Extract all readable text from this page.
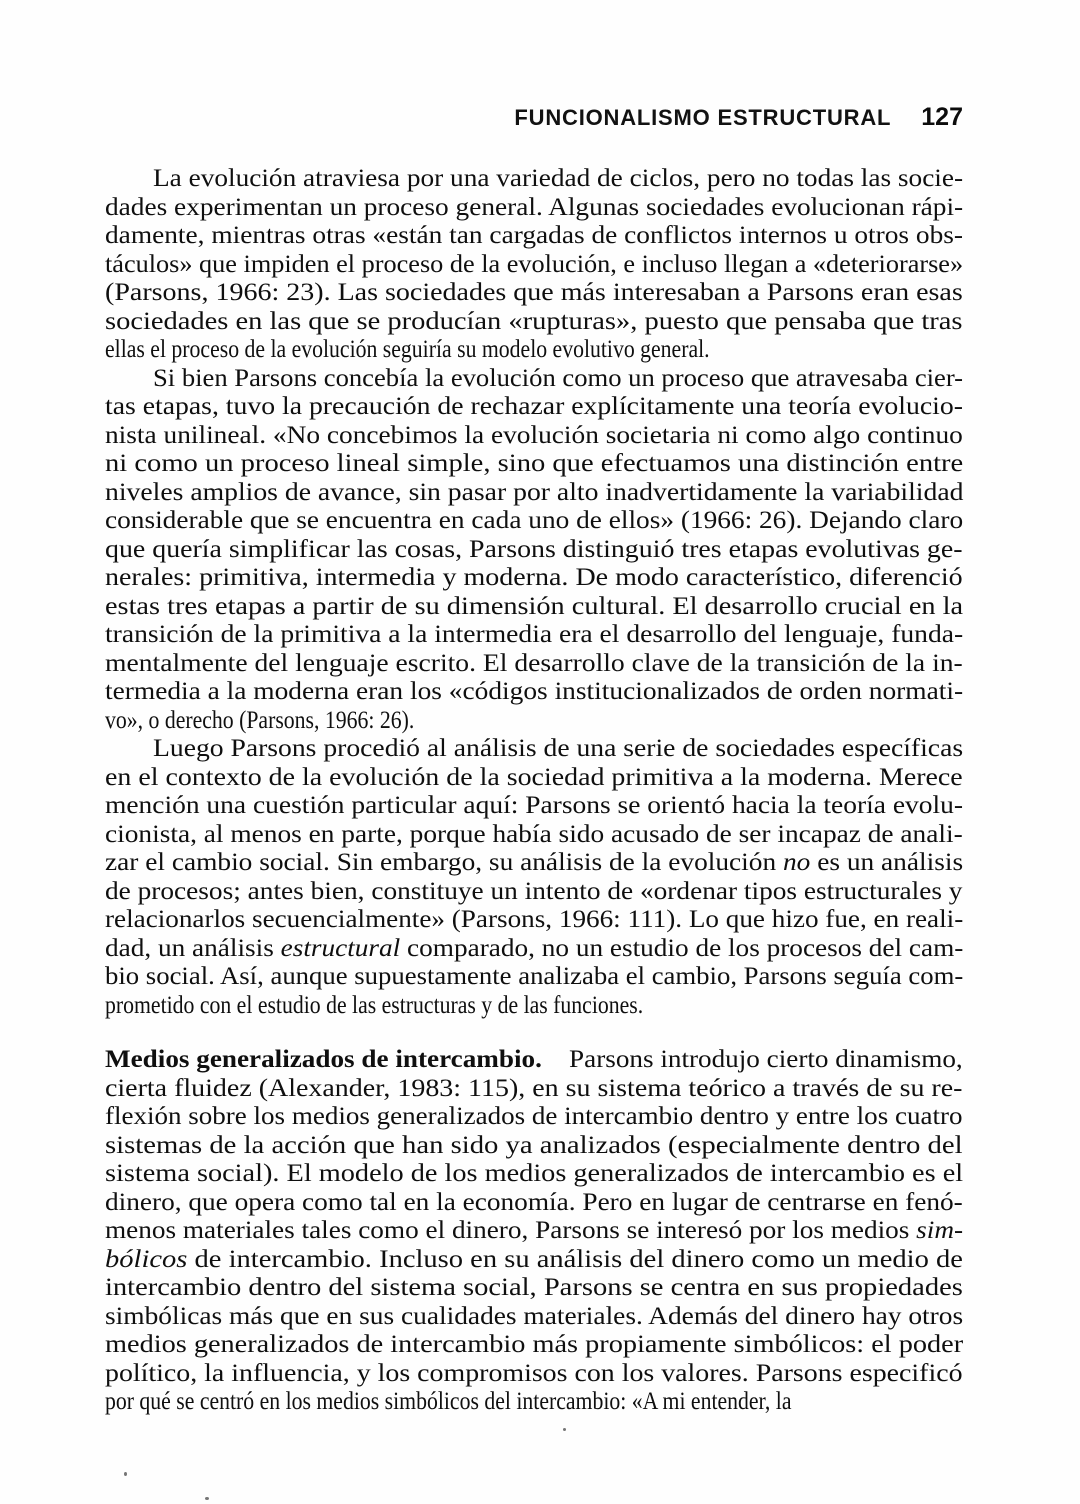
FUNCIONALISMO ESTRUCTURAL 127
La evolución atraviesa por una variedad de ciclos, pero no todas las socie-
dades experimentan un proceso general. Algunas sociedades evolucionan rápi-
damente, mientras otras «están tan cargadas de conflictos internos u otros obs-
táculos» que impiden el proceso de la evolución, e incluso llegan a «deteriorarse»
(Parsons, 1966: 23). Las sociedades que más interesaban a Parsons eran esas
sociedades en las que se producían «rupturas», puesto que pensaba que tras
ellas el proceso de la evolución seguiría su modelo evolutivo general.
Si bien Parsons concebía la evolución como un proceso que atravesaba cier-
tas etapas, tuvo la precaución de rechazar explícitamente una teoría evolucio-
nista unilineal. «No concebimos la evolución societaria ni como algo continuo
ni como un proceso lineal simple, sino que efectuamos una distinción entre
niveles amplios de avance, sin pasar por alto inadvertidamente la variabilidad
considerable que se encuentra en cada uno de ellos» (1966: 26). Dejando claro
que quería simplificar las cosas, Parsons distinguió tres etapas evolutivas ge-
nerales: primitiva, intermedia y moderna. De modo característico, diferenció
estas tres etapas a partir de su dimensión cultural. El desarrollo crucial en la
transición de la primitiva a la intermedia era el desarrollo del lenguaje, funda-
mentalmente del lenguaje escrito. El desarrollo clave de la transición de la in-
termedia a la moderna eran los «códigos institucionalizados de orden normati-
vo», o derecho (Parsons, 1966: 26).
Luego Parsons procedió al análisis de una serie de sociedades específicas
en el contexto de la evolución de la sociedad primitiva a la moderna. Merece
mención una cuestión particular aquí: Parsons se orientó hacia la teoría evolu-
cionista, al menos en parte, porque había sido acusado de ser incapaz de anali-
zar el cambio social. Sin embargo, su análisis de la evolución no es un análisis
de procesos; antes bien, constituye un intento de «ordenar tipos estructurales y
relacionarlos secuencialmente» (Parsons, 1966: 111). Lo que hizo fue, en reali-
dad, un análisis estructural comparado, no un estudio de los procesos del cam-
bio social. Así, aunque supuestamente analizaba el cambio, Parsons seguía com-
prometido con el estudio de las estructuras y de las funciones.
Medios generalizados de intercambio.  Parsons introdujo cierto dinamismo,
cierta fluidez (Alexander, 1983: 115), en su sistema teórico a través de su re-
flexión sobre los medios generalizados de intercambio dentro y entre los cuatro
sistemas de la acción que han sido ya analizados (especialmente dentro del
sistema social). El modelo de los medios generalizados de intercambio es el
dinero, que opera como tal en la economía. Pero en lugar de centrarse en fenó-
menos materiales tales como el dinero, Parsons se interesó por los medios sim-
bólicos de intercambio. Incluso en su análisis del dinero como un medio de
intercambio dentro del sistema social, Parsons se centra en sus propiedades
simbólicas más que en sus cualidades materiales. Además del dinero hay otros
medios generalizados de intercambio más propiamente simbólicos: el poder
político, la influencia, y los compromisos con los valores. Parsons especificó
por qué se centró en los medios simbólicos del intercambio: «A mi entender, la
